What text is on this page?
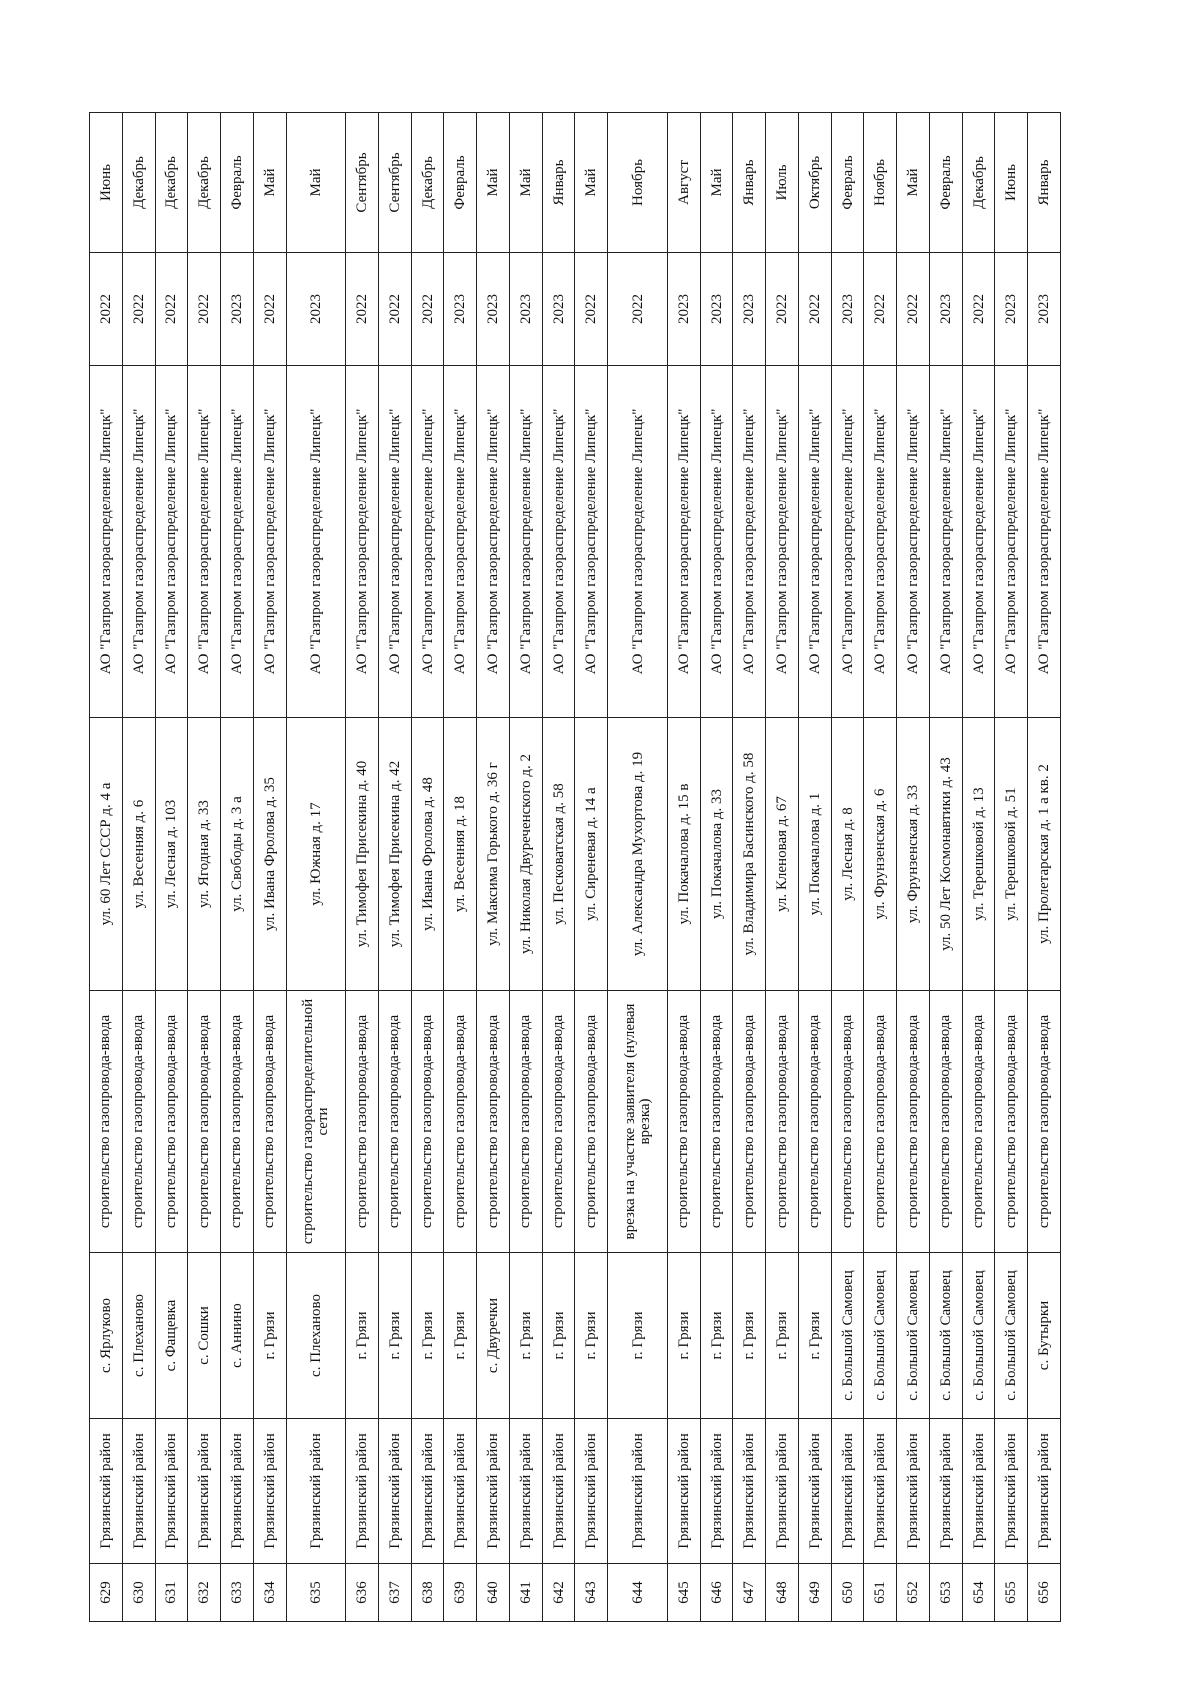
629	Грязинский район	с. Ярлуково	строительство газопровода-ввода	ул. 60 Лет СССР д. 4 а	АО "Газпром газораспределение Липецк"	2022	Июнь
630	Грязинский район	с. Плеханово	строительство газопровода-ввода	ул. Весенняя д. 6	АО "Газпром газораспределение Липецк"	2022	Декабрь
631	Грязинский район	с. Фащевка	строительство газопровода-ввода	ул. Лесная д. 103	АО "Газпром газораспределение Липецк"	2022	Декабрь
632	Грязинский район	с. Сошки	строительство газопровода-ввода	ул. Ягодная д. 33	АО "Газпром газораспределение Липецк"	2022	Декабрь
633	Грязинский район	с. Аннино	строительство газопровода-ввода	ул. Свободы д. 3 а	АО "Газпром газораспределение Липецк"	2023	Февраль
634	Грязинский район	г. Грязи	строительство газопровода-ввода	ул. Ивана Фролова д. 35	АО "Газпром газораспределение Липецк"	2022	Май
635	Грязинский район	с. Плеханово	строительство газораспределительной сети	ул. Южная д. 17	АО "Газпром газораспределение Липецк"	2023	Май
636	Грязинский район	г. Грязи	строительство газопровода-ввода	ул. Тимофея Присекина д. 40	АО "Газпром газораспределение Липецк"	2022	Сентябрь
637	Грязинский район	г. Грязи	строительство газопровода-ввода	ул. Тимофея Присекина д. 42	АО "Газпром газораспределение Липецк"	2022	Сентябрь
638	Грязинский район	г. Грязи	строительство газопровода-ввода	ул. Ивана Фролова д. 48	АО "Газпром газораспределение Липецк"	2022	Декабрь
639	Грязинский район	г. Грязи	строительство газопровода-ввода	ул. Весенняя д. 18	АО "Газпром газораспределение Липецк"	2023	Февраль
640	Грязинский район	с. Двуречки	строительство газопровода-ввода	ул. Максима Горького д. 36 г	АО "Газпром газораспределение Липецк"	2023	Май
641	Грязинский район	г. Грязи	строительство газопровода-ввода	ул. Николая Двуреченского д. 2	АО "Газпром газораспределение Липецк"	2023	Май
642	Грязинский район	г. Грязи	строительство газопровода-ввода	ул. Песковатская д. 58	АО "Газпром газораспределение Липецк"	2023	Январь
643	Грязинский район	г. Грязи	строительство газопровода-ввода	ул. Сиреневая д. 14 а	АО "Газпром газораспределение Липецк"	2022	Май
644	Грязинский район	г. Грязи	врезка на участке заявителя (нулевая врезка)	ул. Александра Мухортова д. 19	АО "Газпром газораспределение Липецк"	2022	Ноябрь
645	Грязинский район	г. Грязи	строительство газопровода-ввода	ул. Покачалова д. 15 в	АО "Газпром газораспределение Липецк"	2023	Август
646	Грязинский район	г. Грязи	строительство газопровода-ввода	ул. Покачалова д. 33	АО "Газпром газораспределение Липецк"	2023	Май
647	Грязинский район	г. Грязи	строительство газопровода-ввода	ул. Владимира Басинского д. 58	АО "Газпром газораспределение Липецк"	2023	Январь
648	Грязинский район	г. Грязи	строительство газопровода-ввода	ул. Кленовая д. 67	АО "Газпром газораспределение Липецк"	2022	Июль
649	Грязинский район	г. Грязи	строительство газопровода-ввода	ул. Покачалова д. 1	АО "Газпром газораспределение Липецк"	2022	Октябрь
650	Грязинский район	с. Большой Самовец	строительство газопровода-ввода	ул. Лесная д. 8	АО "Газпром газораспределение Липецк"	2023	Февраль
651	Грязинский район	с. Большой Самовец	строительство газопровода-ввода	ул. Фрунзенская д. 6	АО "Газпром газораспределение Липецк"	2022	Ноябрь
652	Грязинский район	с. Большой Самовец	строительство газопровода-ввода	ул. Фрунзенская д. 33	АО "Газпром газораспределение Липецк"	2022	Май
653	Грязинский район	с. Большой Самовец	строительство газопровода-ввода	ул. 50 Лет Космонавтики д. 43	АО "Газпром газораспределение Липецк"	2023	Февраль
654	Грязинский район	с. Большой Самовец	строительство газопровода-ввода	ул. Терешковой д. 13	АО "Газпром газораспределение Липецк"	2022	Декабрь
655	Грязинский район	с. Большой Самовец	строительство газопровода-ввода	ул. Терешковой д. 51	АО "Газпром газораспределение Липецк"	2023	Июнь
656	Грязинский район	с. Бутырки	строительство газопровода-ввода	ул. Пролетарская д. 1 а кв. 2	АО "Газпром газораспределение Липецк"	2023	Январь
